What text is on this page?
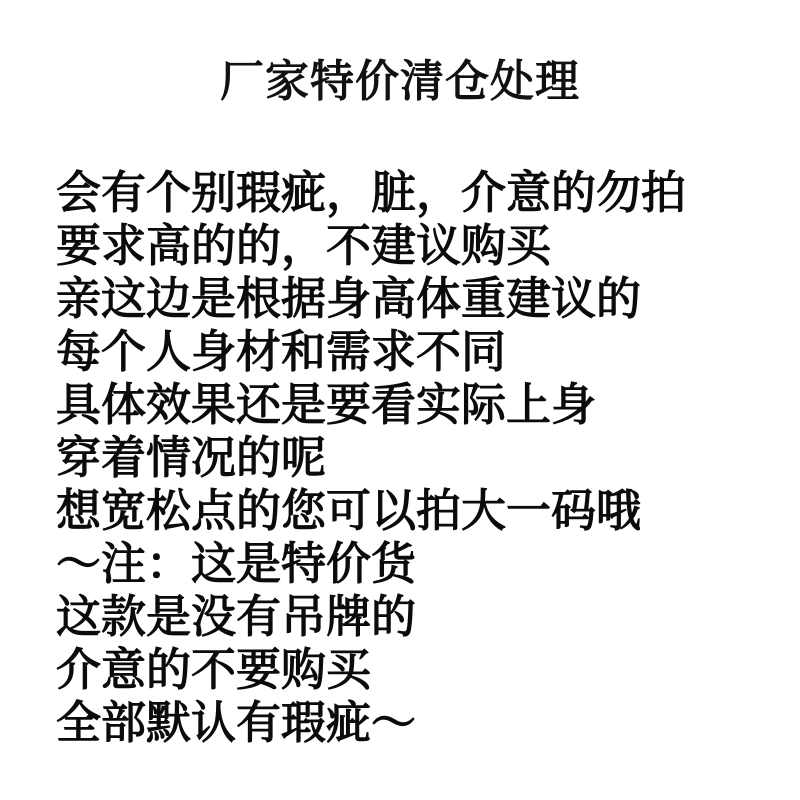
厂家特价清仓处理
会有个别瑕疵，脏，介意的勿拍
要求高的的，不建议购买
亲这边是根据身高体重建议的
每个人身材和需求不同
具体效果还是要看实际上身
穿着情况的呢
想宽松点的您可以拍大一码哦
～注：这是特价货
这款是没有吊牌的
介意的不要购买
全部默认有瑕疵～
